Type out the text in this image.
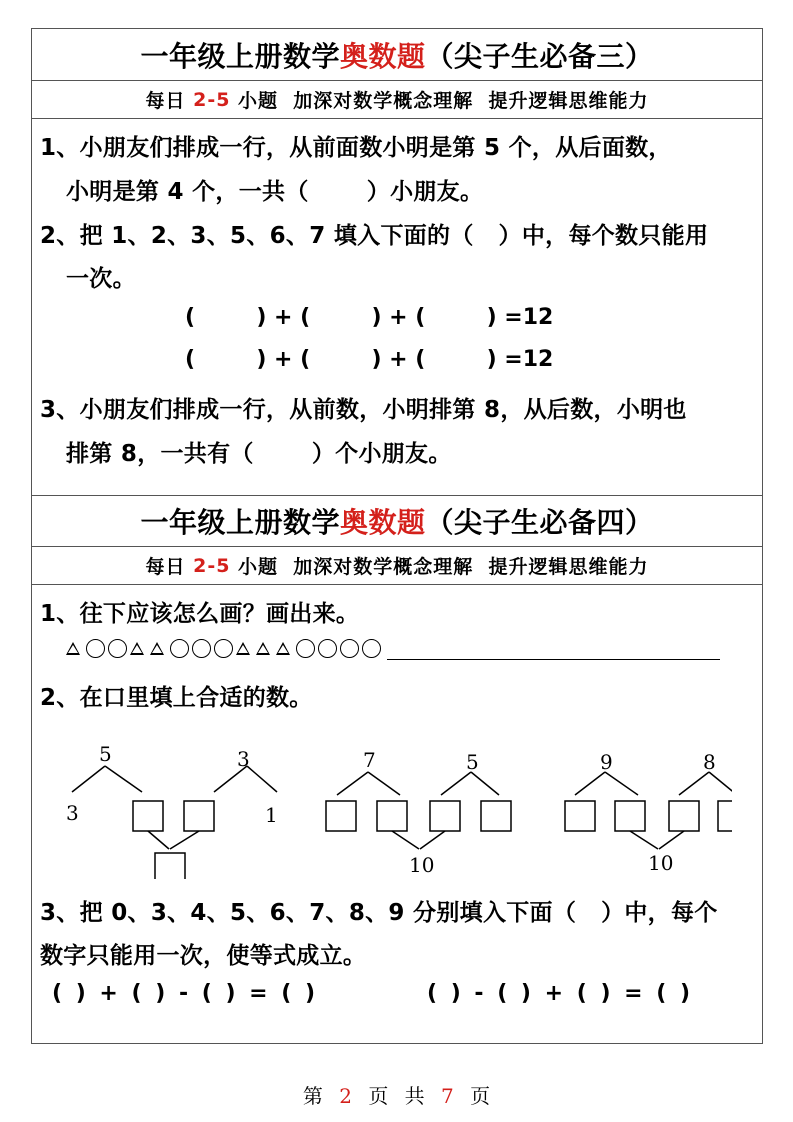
一年级上册数学 奥数题 （尖子生必备三）
每日 2-5 小题  加深对数学概念理解  提升逻辑思维能力
1、小朋友们排成一行，从前面数小明是第 5 个，从后面数，
小明是第 4 个，一共（       ）小朋友。
2、把 1、2、3、5、6、7 填入下面的（   ）中，每个数只能用
一次。
(        ) + (        ) + (        ) =12
(        ) + (        ) + (        ) =12
3、小朋友们排成一行，从前数，小明排第 8，从后数，小明也
排第 8，一共有（       ）个小朋友。
一年级上册数学 奥数题 （尖子生必备四）
每日 2-5 小题  加深对数学概念理解  提升逻辑思维能力
1、往下应该怎么画？画出来。
2、在口里填上合适的数。
5	3
3	1
7	5
10
9	8
10
3、把 0、3、4、5、6、7、8、9 分别填入下面（   ）中，每个
数字只能用一次，使等式成立。
( ) + ( ) - ( ) = ( )	( ) - ( ) + ( ) = ( )
第 2 页 共 7 页
